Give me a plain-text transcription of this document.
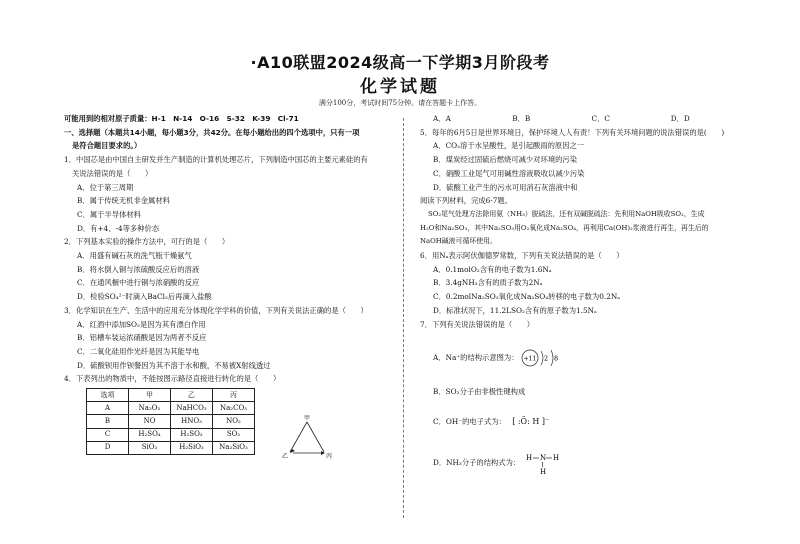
·A10联盟2024级高一下学期3月阶段考
化学试题
满分100分，考试时间75分钟。请在答题卡上作答。
可能用到的相对原子质量：H-1　N-14　O-16　S-32　K-39　Cl-71
一、选择题（本题共14小题，每小题3分，共42分。在每小题给出的四个选项中，只有一项
是符合题目要求的。）
1．中国芯是由中国自主研发并生产制造的计算机处理芯片，下列制造中国芯的主要元素硅的有
关说法错误的是（　　）
A．位于第三周期
B．属于传统无机非金属材料
C．属于半导体材料
D．有+4、-4等多种价态
2．下列基本实验的操作方法中，可行的是（　　）
A．用盛有碱石灰的洗气瓶干燥氨气
B．将水倒入铜与浓硫酸反应后的溶液
C．在通风橱中进行铜与浓硝酸的反应
D．检验SO₄²⁻时滴入BaCl₂后再滴入盐酸
3．化学知识在生产、生活中的应用充分体现化学学科的价值，下列有关说法正确的是（　　）
A．红酒中添加SO₂是因为其有漂白作用
B．铝槽车装运浓硝酸是因为两者不反应
C．二氧化硅用作光纤是因为其能导电
D．硫酸钡用作钡餐因为其不溶于水和酸，不易被X射线透过
4．下表列出的物质中，不能按图示路径直接进行转化的是（　　）
选项	甲	乙	丙
A	Na₂O₂	NaHCO₃	Na₂CO₃
B	NO	HNO₃	NO₂
C	H₂SO₄	H₂SO₃	SO₂
D	SiO₂	H₂SiO₃	Na₂SiO₃
甲
乙	丙
A．A	B．B	C．C	D．D
5．每年的6月5日是世界环境日，保护环境人人有责！下列有关环境问题的说法错误的是(　　)
A．CO₂溶于水呈酸性，是引起酸雨的原因之一
B．煤炭经过固硫后燃烧可减少对环境的污染
C．硝酸工业尾气可用碱性溶液吸收以减少污染
D．硫酸工业产生的污水可用消石灰溶液中和
阅读下列材料，完成6-7题。
SO₂尾气处理方法除用氨（NH₃）脱硫法，还有双碱脱硫法：先利用NaOH吸收SO₂，生成
H₂O和Na₂SO₃，其中Na₂SO₃用O₂氧化成Na₂SO₄，再利用Ca(OH)₂浆液进行再生，再生后的
NaOH碱液可循环使用。
6．用Nₐ表示阿伏伽德罗常数，下列有关说法错误的是（　　）
A．0.1molO₂含有的电子数为1.6Nₐ
B．3.4gNH₃含有的质子数为2Nₐ
C．0.2molNa₂SO₃氧化成Na₂SO₄转移的电子数为0.2Nₐ
D．标准状况下，11.2LSO₂含有的原子数为1.5Nₐ
7．下列有关说法错误的是（　　）
A．Na⁺的结构示意图为： +11 2 8
B．SO₂分子由非极性键构成
C．OH⁻的电子式为： [ :Ö: H ]⁻
D．NH₃分子的结构式为： H N H
H
